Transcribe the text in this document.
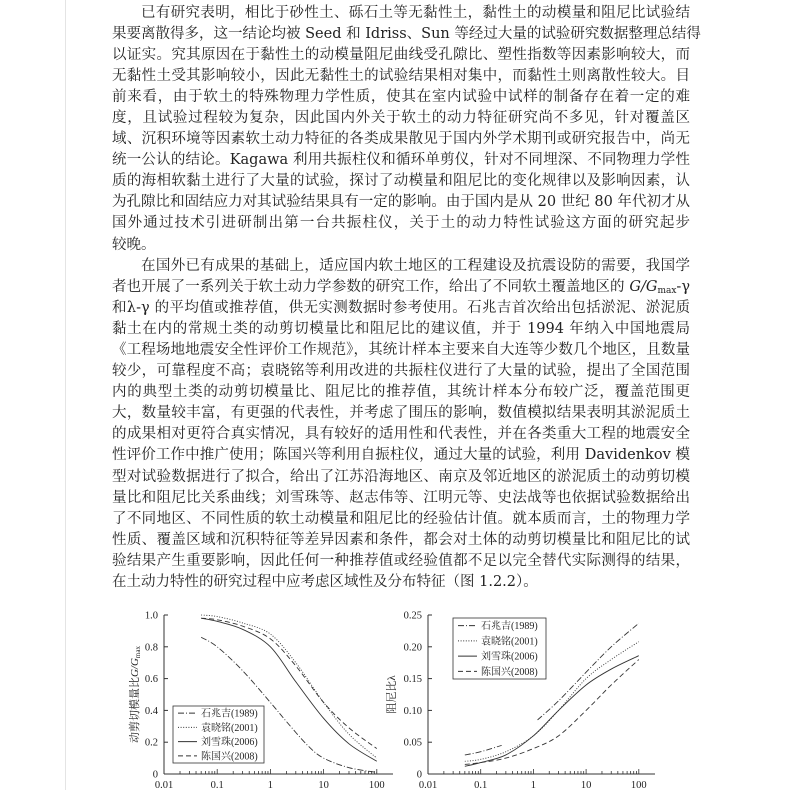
已有研究表明，相比于砂性土、砾石土等无黏性土，黏性土的动模量和阻尼比试验结
果要离散得多，这一结论均被 Seed 和 Idriss、Sun 等经过大量的试验研究数据整理总结得
以证实。究其原因在于黏性土的动模量阻尼曲线受孔隙比、塑性指数等因素影响较大，而
无黏性土受其影响较小，因此无黏性土的试验结果相对集中，而黏性土则离散性较大。目
前来看，由于软土的特殊物理力学性质，使其在室内试验中试样的制备存在着一定的难
度，且试验过程较为复杂，因此国内外关于软土的动力特征研究尚不多见，针对覆盖区
域、沉积环境等因素软土动力特征的各类成果散见于国内外学术期刊或研究报告中，尚无
统一公认的结论。Kagawa 利用共振柱仪和循环单剪仪，针对不同埋深、不同物理力学性
质的海相软黏土进行了大量的试验，探讨了动模量和阻尼比的变化规律以及影响因素，认
为孔隙比和固结应力对其试验结果具有一定的影响。由于国内是从 20 世纪 80 年代初才从
国外通过技术引进研制出第一台共振柱仪，关于土的动力特性试验这方面的研究起步
较晚。
在国外已有成果的基础上，适应国内软土地区的工程建设及抗震设防的需要，我国学
者也开展了一系列关于软土动力学参数的研究工作，给出了不同软土覆盖地区的 $G/G_{max}-\gamma$
和λ-γ 的平均值或推荐值，供无实测数据时参考使用。石兆吉首次给出包括淤泥、淤泥质
黏土在内的常规土类的动剪切模量比和阻尼比的建议值，并于 1994 年纳入中国地震局
《工程场地地震安全性评价工作规范》，其统计样本主要来自大连等少数几个地区，且数量
较少，可靠程度不高；袁晓铭等利用改进的共振柱仪进行了大量的试验，提出了全国范围
内的典型土类的动剪切模量比、阻尼比的推荐值，其统计样本分布较广泛，覆盖范围更
大，数量较丰富，有更强的代表性，并考虑了围压的影响，数值模拟结果表明其淤泥质土
的成果相对更符合真实情况，具有较好的适用性和代表性，并在各类重大工程的地震安全
性评价工作中推广使用；陈国兴等利用自振柱仪，通过大量的试验，利用 Davidenkov 模
型对试验数据进行了拟合，给出了江苏沿海地区、南京及邻近地区的淤泥质土的动剪切模
量比和阻尼比关系曲线；刘雪珠等、赵志伟等、江明元等、史法战等也依据试验数据给出
了不同地区、不同性质的软土动模量和阻尼比的经验估计值。就本质而言，土的物理力学
性质、覆盖区域和沉积特征等差异因素和条件，都会对土体的动剪切模量比和阻尼比的试
验结果产生重要影响，因此任何一种推荐值或经验值都不足以完全替代实际测得的结果，
在土动力特性的研究过程中应考虑区域性及分布特征（图 1.2.2）。
0
0.2
0.4
0.6
0.8
1.0
0.01	0.1	1	10	100
动剪切模量比G/Gmax
石兆吉(1989)
袁晓铭(2001)
刘雪珠(2006)
陈国兴(2008)
0
0.05
0.10
0.15
0.20
0.25
0.01	0.1	1	10	100
阻尼比λ
石兆吉(1989)
袁晓铭(2001)
刘雪珠(2006)
陈国兴(2008)
